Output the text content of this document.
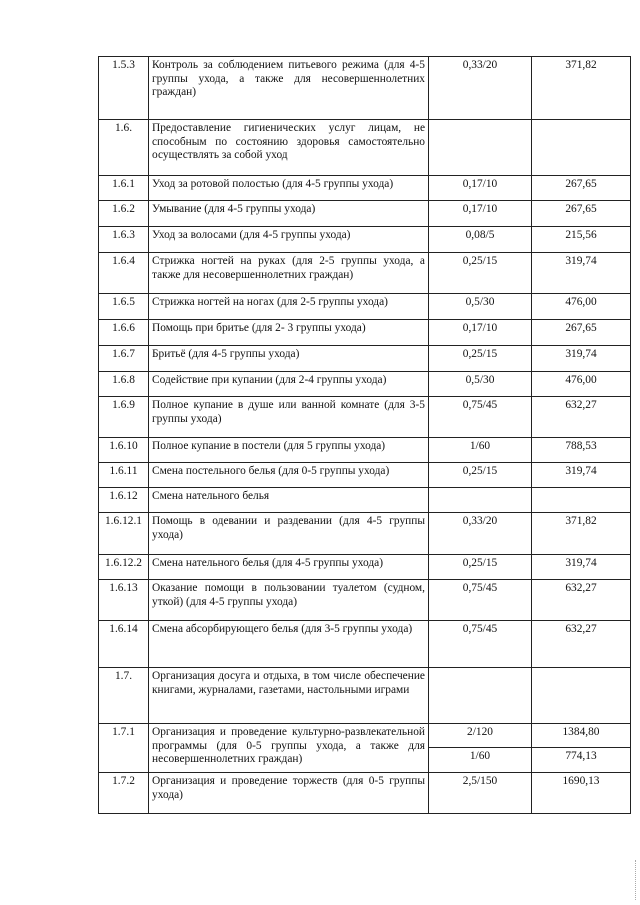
1.5.3	Контроль за соблюдением питьевого режима (для 4-5 группы ухода, а также для несовершеннолетних граждан)	0,33/20	371,82
1.6.	Предоставление гигиенических услуг лицам, не способным по состоянию здоровья самостоятельно осуществлять за собой уход		
1.6.1	Уход за ротовой полостью (для 4-5 группы ухода)	0,17/10	267,65
1.6.2	Умывание (для 4-5 группы ухода)	0,17/10	267,65
1.6.3	Уход за волосами (для 4-5 группы ухода)	0,08/5	215,56
1.6.4	Стрижка ногтей на руках (для 2-5 группы ухода, а также для несовершеннолетних граждан)	0,25/15	319,74
1.6.5	Стрижка ногтей на ногах (для 2-5 группы ухода)	0,5/30	476,00
1.6.6	Помощь при бритье (для 2- 3 группы ухода)	0,17/10	267,65
1.6.7	Бритьё (для 4-5 группы ухода)	0,25/15	319,74
1.6.8	Содействие при купании (для 2-4 группы ухода)	0,5/30	476,00
1.6.9	Полное купание в душе или ванной комнате (для 3-5 группы ухода)	0,75/45	632,27
1.6.10	Полное купание в постели (для 5 группы ухода)	1/60	788,53
1.6.11	Смена постельного белья (для 0-5 группы ухода)	0,25/15	319,74
1.6.12	Смена нательного белья		
1.6.12.1	Помощь в одевании и раздевании (для 4-5 группы ухода)	0,33/20	371,82
1.6.12.2	Смена нательного белья (для 4-5 группы ухода)	0,25/15	319,74
1.6.13	Оказание помощи в пользовании туалетом (судном, уткой) (для 4-5 группы ухода)	0,75/45	632,27
1.6.14	Смена абсорбирующего белья (для 3-5 группы ухода)	0,75/45	632,27
1.7.	Организация досуга и отдыха, в том числе обеспечение книгами, журналами, газетами, настольными играми		
1.7.1	Организация и проведение культурно-развлекательной программы (для 0-5 группы ухода, а также для несовершеннолетних граждан)	2/120	1384,80
		1/60	774,13
1.7.2	Организация и проведение торжеств (для 0-5 группы ухода)	2,5/150	1690,13
